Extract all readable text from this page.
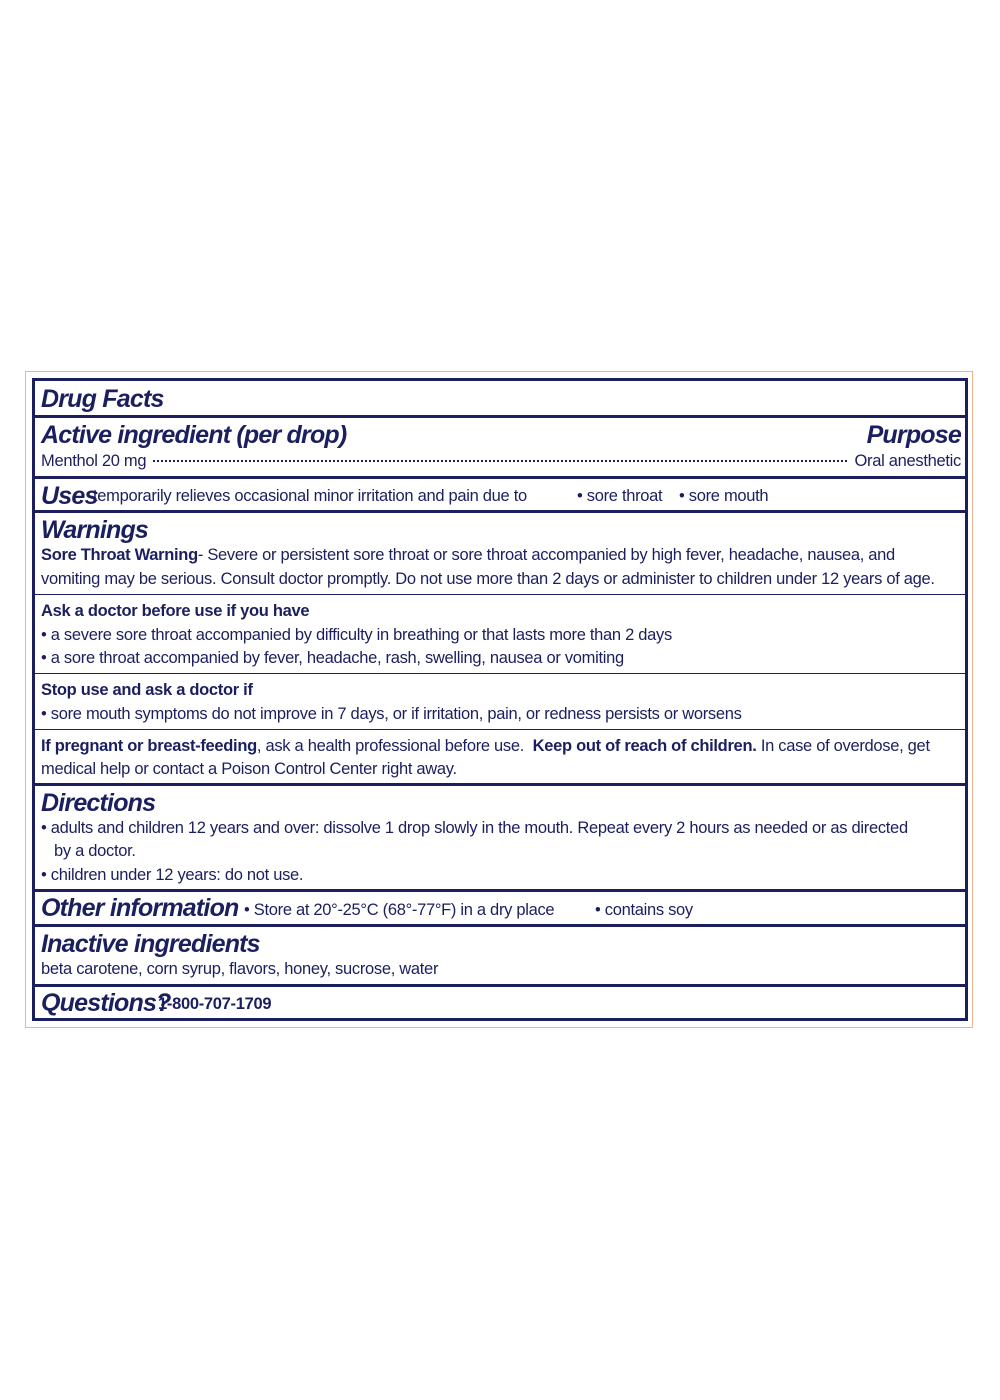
Drug Facts
Active ingredient (per drop)	Purpose
Menthol 20 mg	Oral anesthetic
Uses
temporarily relieves occasional minor irritation and pain due to	• sore throat • sore mouth
Warnings
Sore Throat Warning- Severe or persistent sore throat or sore throat accompanied by high fever, headache, nausea, and
vomiting may be serious. Consult doctor promptly. Do not use more than 2 days or administer to children under 12 years of age.
Ask a doctor before use if you have
• a severe sore throat accompanied by difficulty in breathing or that lasts more than 2 days
• a sore throat accompanied by fever, headache, rash, swelling, nausea or vomiting
Stop use and ask a doctor if
• sore mouth symptoms do not improve in 7 days, or if irritation, pain, or redness persists or worsens
If pregnant or breast-feeding, ask a health professional before use. Keep out of reach of children. In case of overdose, get
medical help or contact a Poison Control Center right away.
Directions
• adults and children 12 years and over: dissolve 1 drop slowly in the mouth. Repeat every 2 hours as needed or as directed
by a doctor.
• children under 12 years: do not use.
Other information • Store at 20°-25°C (68°-77°F) in a dry place • contains soy
Inactive ingredients
beta carotene, corn syrup, flavors, honey, sucrose, water
Questions?
1-800-707-1709
